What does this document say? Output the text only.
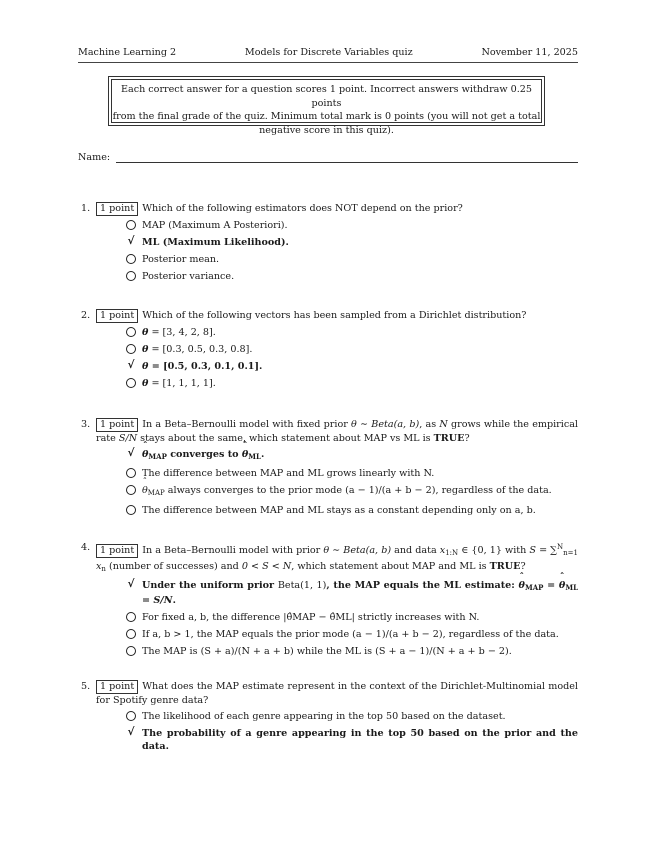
Machine Learning 2	Models for Discrete Variables quiz	November 11, 2025
Each correct answer for a question scores 1 point. Incorrect answers withdraw 0.25 points
from the final grade of the quiz. Minimum total mark is 0 points (you will not get a total
negative score in this quiz).
Name:
1. 1 point Which of the following estimators does NOT depend on the prior?
MAP (Maximum A Posteriori).
√ ML (Maximum Likelihood).
Posterior mean.
Posterior variance.
2. 1 point Which of the following vectors has been sampled from a Dirichlet distribution?
θ = [3, 4, 2, 8].
θ = [0.3, 0.5, 0.3, 0.8].
√ θ = [0.5, 0.3, 0.1, 0.1].
θ = [1, 1, 1, 1].
3. 1 point In a Beta–Bernoulli model with fixed prior θ ∼ Beta(a, b), as N grows while the empirical rate S/N stays about the same, which statement about MAP vs ML is TRUE?
√ ˆ $\theta_{MAP}$ converges to ˆ $\theta_{ML}$.
The difference between MAP and ML grows linearly with N.
ˆ $\theta_{MAP}$ always converges to the prior mode (a − 1)/(a + b − 2), regardless of the data.
The difference between MAP and ML stays as a constant depending only on a, b.
4. 1 point In a Beta–Bernoulli model with prior θ ∼ Beta(a, b) and data $x_{1:N}$ ∈ {0, 1} with S = ∑$^N_{n=1}$ $x_n$ (number of successes) and 0 < S < N, which statement about MAP and ML is TRUE?
√ Under the uniform prior Beta(1, 1), the MAP equals the ML estimate: ˆ $\theta_{MAP}$ = ˆ $\theta_{ML} = S/N$.
For fixed a, b, the difference |θ̂MAP − θ̂ML| strictly increases with N.
If a, b > 1, the MAP equals the prior mode (a − 1)/(a + b − 2), regardless of the data.
The MAP is (S + a)/(N + a + b) while the ML is (S + a − 1)/(N + a + b − 2).
5. 1 point What does the MAP estimate represent in the context of the Dirichlet-Multinomial model for Spotify genre data?
The likelihood of each genre appearing in the top 50 based on the dataset.
√ The probability of a genre appearing in the top 50 based on the prior and the data.
